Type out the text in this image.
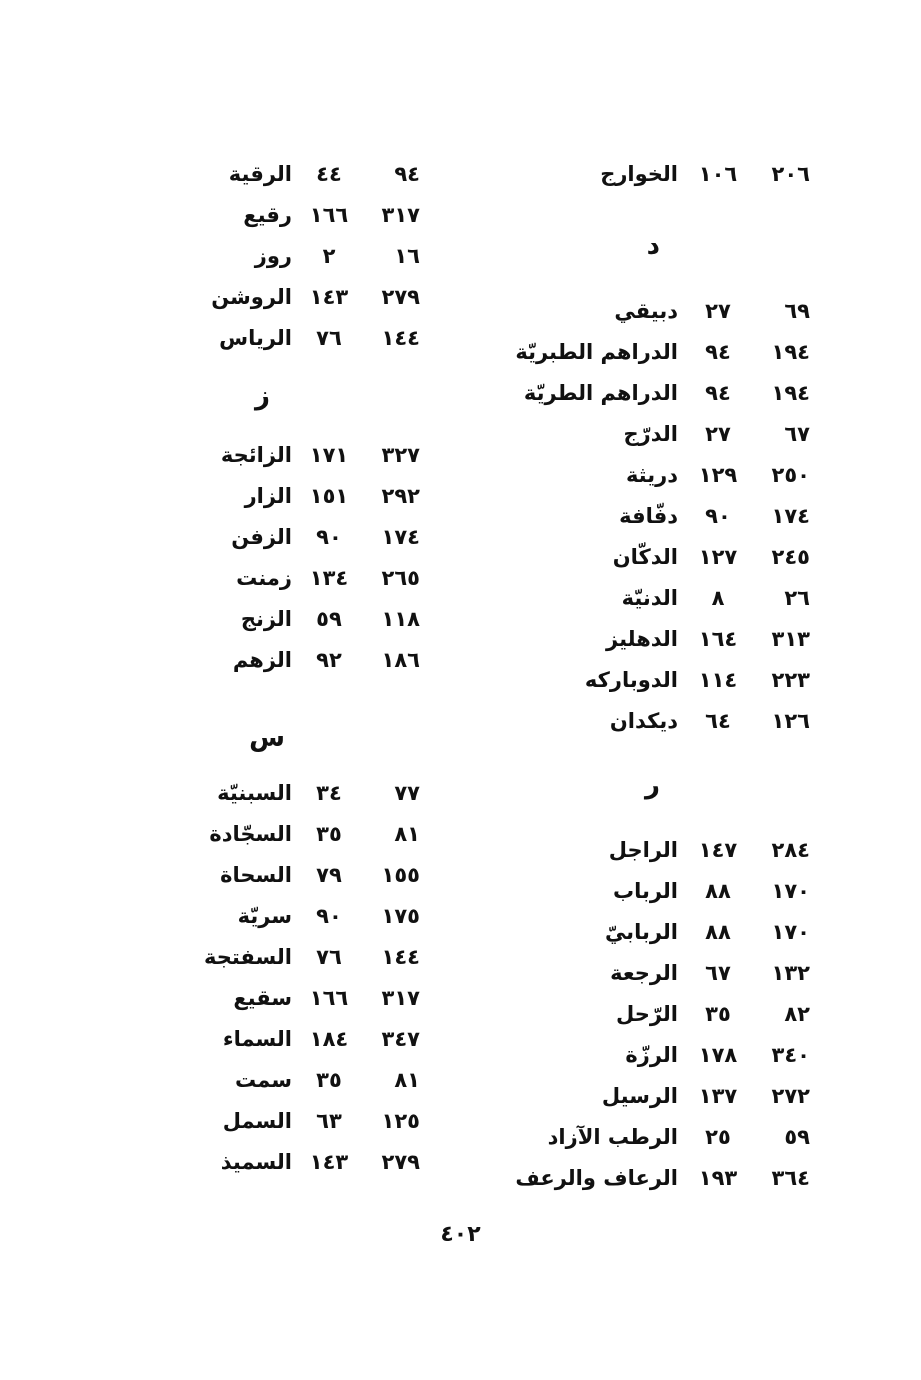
٢٠٦
١٠٦
الخوارج
د
٦٩
٢٧
دبيقي
١٩٤
٩٤
الدراهم الطبريّة
١٩٤
٩٤
الدراهم الطريّة
٦٧
٢٧
الدرّج
٢٥٠
١٢٩
دريثة
١٧٤
٩٠
دفّافة
٢٤٥
١٢٧
الدكّان
٢٦
٨
الدنيّة
٣١٣
١٦٤
الدهليز
٢٢٣
١١٤
الدوباركه
١٢٦
٦٤
ديكدان
ر
٢٨٤
١٤٧
الراجل
١٧٠
٨٨
الرباب
١٧٠
٨٨
الربابيّ
١٣٢
٦٧
الرجعة
٨٢
٣٥
الرّحل
٣٤٠
١٧٨
الرزّة
٢٧٢
١٣٧
الرسيل
٥٩
٢٥
الرطب الآزاد
٣٦٤
١٩٣
الرعاف والرعف
٩٤
٤٤
الرقية
٣١٧
١٦٦
رقيع
١٦
٢
روز
٢٧٩
١٤٣
الروشن
١٤٤
٧٦
الرياس
ز
٣٢٧
١٧١
الزائجة
٢٩٢
١٥١
الزار
١٧٤
٩٠
الزفن
٢٦٥
١٣٤
زمنت
١١٨
٥٩
الزنج
١٨٦
٩٢
الزهم
س
٧٧
٣٤
السبنيّة
٨١
٣٥
السجّادة
١٥٥
٧٩
السحاة
١٧٥
٩٠
سريّة
١٤٤
٧٦
السفتجة
٣١٧
١٦٦
سقيع
٣٤٧
١٨٤
السماء
٨١
٣٥
سمت
١٢٥
٦٣
السمل
٢٧٩
١٤٣
السميذ
٤٠٢
